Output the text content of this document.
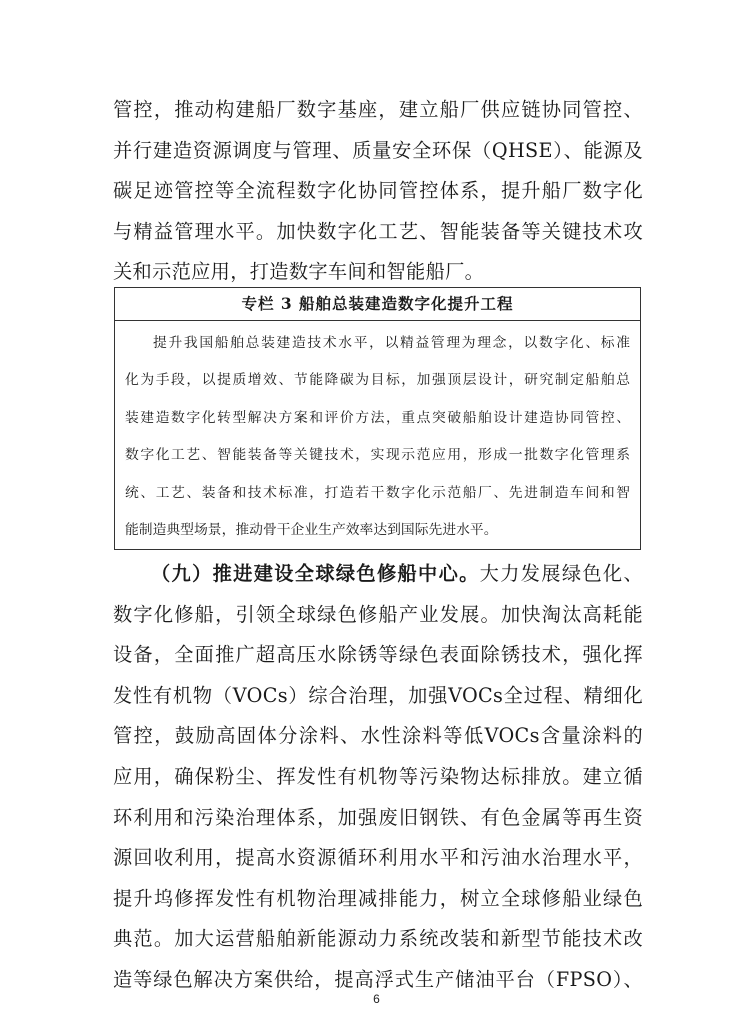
管控，推动构建船厂数字基座，建立船厂供应链协同管控、
并行建造资源调度与管理、质量安全环保（QHSE）、能源及
碳足迹管控等全流程数字化协同管控体系，提升船厂数字化
与精益管理水平。加快数字化工艺、智能装备等关键技术攻
关和示范应用，打造数字车间和智能船厂。
专栏 3 船舶总装建造数字化提升工程
提升我国船舶总装建造技术水平，以精益管理为理念，以数字化、标准
化为手段，以提质增效、节能降碳为目标，加强顶层设计，研究制定船舶总
装建造数字化转型解决方案和评价方法，重点突破船舶设计建造协同管控、
数字化工艺、智能装备等关键技术，实现示范应用，形成一批数字化管理系
统、工艺、装备和技术标准，打造若干数字化示范船厂、先进制造车间和智
能制造典型场景，推动骨干企业生产效率达到国际先进水平。
（九）推进建设全球绿色修船中心。大力发展绿色化、
数字化修船，引领全球绿色修船产业发展。加快淘汰高耗能
设备，全面推广超高压水除锈等绿色表面除锈技术，强化挥
发性有机物（VOCs）综合治理，加强VOCs全过程、精细化
管控，鼓励高固体分涂料、水性涂料等低VOCs含量涂料的
应用，确保粉尘、挥发性有机物等污染物达标排放。建立循
环利用和污染治理体系，加强废旧钢铁、有色金属等再生资
源回收利用，提高水资源循环利用水平和污油水治理水平，
提升坞修挥发性有机物治理减排能力，树立全球修船业绿色
典范。加大运营船舶新能源动力系统改装和新型节能技术改
造等绿色解决方案供给，提高浮式生产储油平台（FPSO）、
6
